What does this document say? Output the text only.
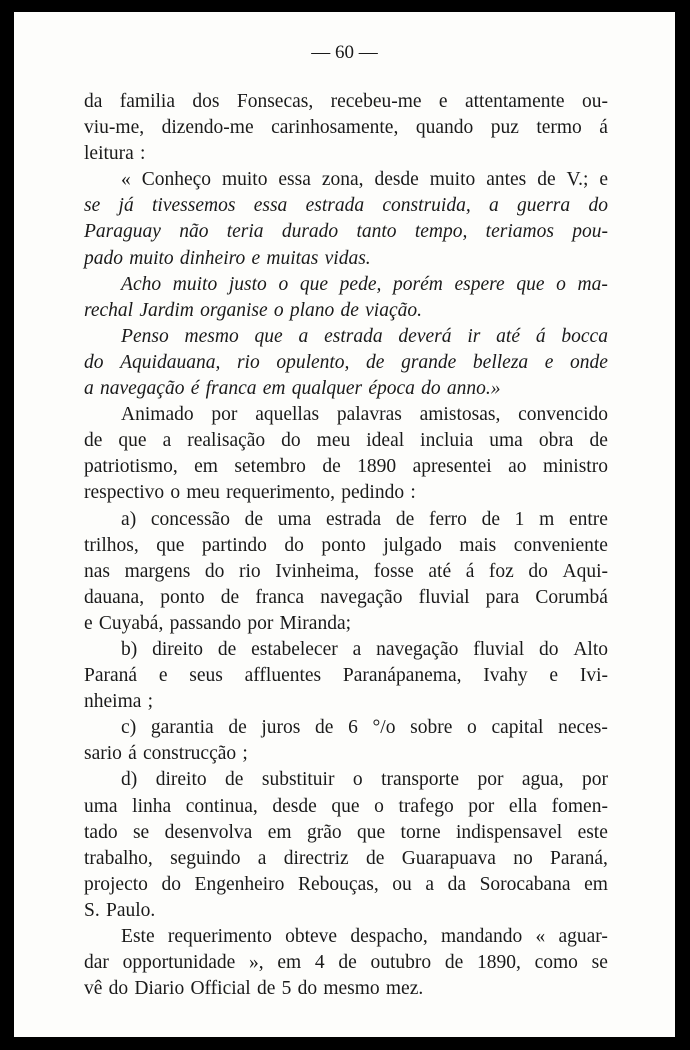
— 60 —
da familia dos Fonsecas, recebeu-me e attentamente ou-
viu-me, dizendo-me carinhosamente, quando puz termo á
leitura :
« Conheço muito essa zona, desde muito antes de V.; e
se já tivessemos essa estrada construida, a guerra do
Paraguay não teria durado tanto tempo, teriamos pou-
pado muito dinheiro e muitas vidas.
Acho muito justo o que pede, porém espere que o ma-
rechal Jardim organise o plano de viação.
Penso mesmo que a estrada deverá ir até á bocca
do Aquidauana, rio opulento, de grande belleza e onde
a navegação é franca em qualquer época do anno.»
Animado por aquellas palavras amistosas, convencido
de que a realisação do meu ideal incluia uma obra de
patriotismo, em setembro de 1890 apresentei ao ministro
respectivo o meu requerimento, pedindo :
a) concessão de uma estrada de ferro de 1 m entre
trilhos, que partindo do ponto julgado mais conveniente
nas margens do rio Ivinheima, fosse até á foz do Aqui-
dauana, ponto de franca navegação fluvial para Corumbá
e Cuyabá, passando por Miranda;
b) direito de estabelecer a navegação fluvial do Alto
Paraná e seus affluentes Paranápanema, Ivahy e Ivi-
nheima ;
c) garantia de juros de 6 °/o sobre o capital neces-
sario á construcção ;
d) direito de substituir o transporte por agua, por
uma linha continua, desde que o trafego por ella fomen-
tado se desenvolva em grão que torne indispensavel este
trabalho, seguindo a directriz de Guarapuava no Paraná,
projecto do Engenheiro Rebouças, ou a da Sorocabana em
S. Paulo.
Este requerimento obteve despacho, mandando « aguar-
dar opportunidade », em 4 de outubro de 1890, como se
vê do Diario Official de 5 do mesmo mez.
